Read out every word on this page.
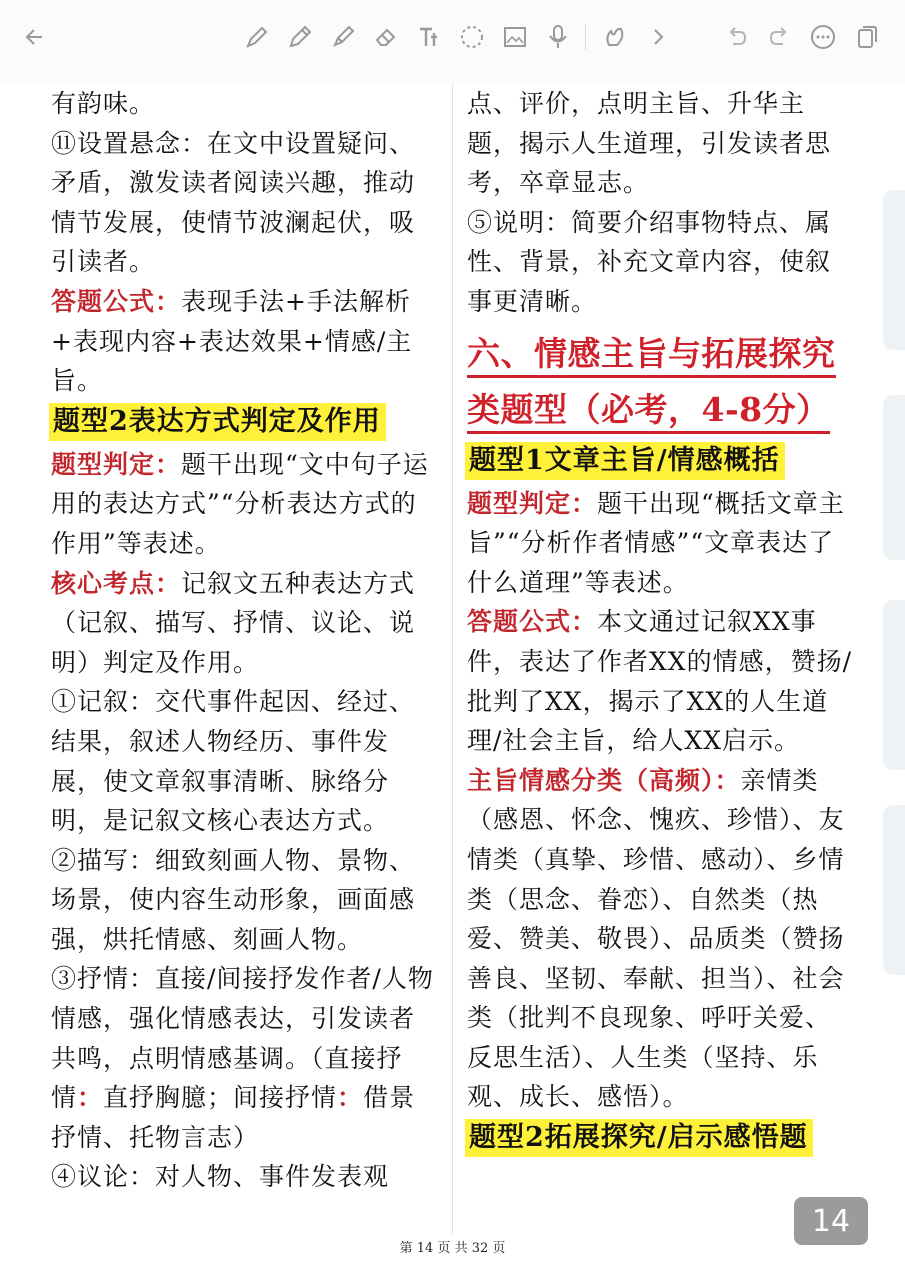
有韵味。

⑪设置悬念：在文中设置疑问、矛盾，激发读者阅读兴趣，推动情节发展，使情节波澜起伏，吸引读者。

答题公式：表现手法+手法解析+表现内容+表达效果+情感/主旨。

题型2表达方式判定及作用

题型判定：题干出现“文中句子运用的表达方式”“分析表达方式的作用”等表述。

核心考点：记叙文五种表达方式（记叙、描写、抒情、议论、说明）判定及作用。

①记叙：交代事件起因、经过、结果，叙述人物经历、事件发展，使文章叙事清晰、脉络分明，是记叙文核心表达方式。

②描写：细致刻画人物、景物、场景，使内容生动形象，画面感强，烘托情感、刻画人物。

③抒情：直接/间接抒发作者/人物情感，强化情感表达，引发读者共鸣，点明情感基调。（直接抒情：直抒胸臆；间接抒情：借景抒情、托物言志）

④议论：对人物、事件发表观

点、评价，点明主旨、升华主题，揭示人生道理，引发读者思考，卒章显志。

⑤说明：简要介绍事物特点、属性、背景，补充文章内容，使叙事更清晰。

六、情感主旨与拓展探究
类题型（必考，4-8分）

题型1文章主旨/情感概括

题型判定：题干出现“概括文章主旨”“分析作者情感”“文章表达了什么道理”等表述。

答题公式：本文通过记叙XX事件，表达了作者XX的情感，赞扬/批判了XX，揭示了XX的人生道理/社会主旨，给人XX启示。

主旨情感分类（高频）：亲情类（感恩、怀念、愧疚、珍惜）、友情类（真挚、珍惜、感动）、乡情类（思念、眷恋）、自然类（热爱、赞美、敬畏）、品质类（赞扬善良、坚韧、奉献、担当）、社会类（批判不良现象、呼吁关爱、反思生活）、人生类（坚持、乐观、成长、感悟）。

题型2拓展探究/启示感悟题

第 14 页 共 32 页
14
